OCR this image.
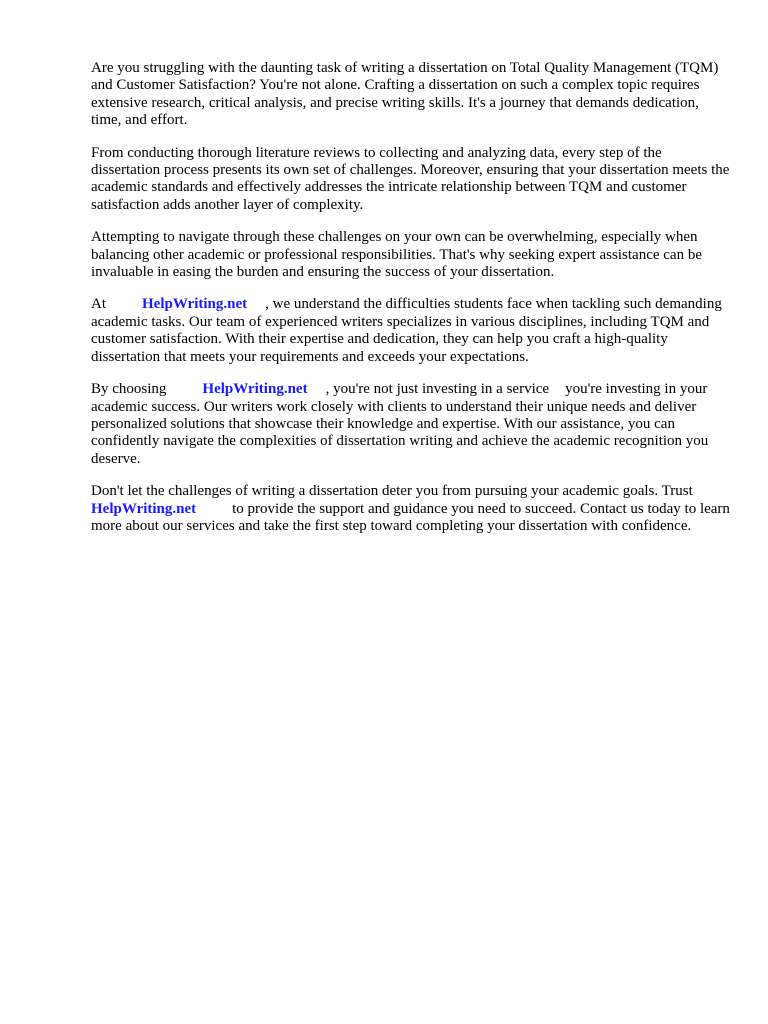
Are you struggling with the daunting task of writing a dissertation on Total Quality Management (TQM) and Customer Satisfaction? You're not alone. Crafting a dissertation on such a complex topic requires extensive research, critical analysis, and precise writing skills. It's a journey that demands dedication, time, and effort.

From conducting thorough literature reviews to collecting and analyzing data, every step of the dissertation process presents its own set of challenges. Moreover, ensuring that your dissertation meets the academic standards and effectively addresses the intricate relationship between TQM and customer satisfaction adds another layer of complexity.

Attempting to navigate through these challenges on your own can be overwhelming, especially when balancing other academic or professional responsibilities. That's why seeking expert assistance can be invaluable in easing the burden and ensuring the success of your dissertation.

At HelpWriting.net , we understand the difficulties students face when tackling such demanding academic tasks. Our team of experienced writers specializes in various disciplines, including TQM and customer satisfaction. With their expertise and dedication, they can help you craft a high-quality dissertation that meets your requirements and exceeds your expectations.

By choosing HelpWriting.net , you're not just investing in a service you're investing in your academic success. Our writers work closely with clients to understand their unique needs and deliver personalized solutions that showcase their knowledge and expertise. With our assistance, you can confidently navigate the complexities of dissertation writing and achieve the academic recognition you deserve.

Don't let the challenges of writing a dissertation deter you from pursuing your academic goals. TrustHelpWriting.net to provide the support and guidance you need to succeed. Contact us today to learn more about our services and take the first step toward completing your dissertation with confidence.
